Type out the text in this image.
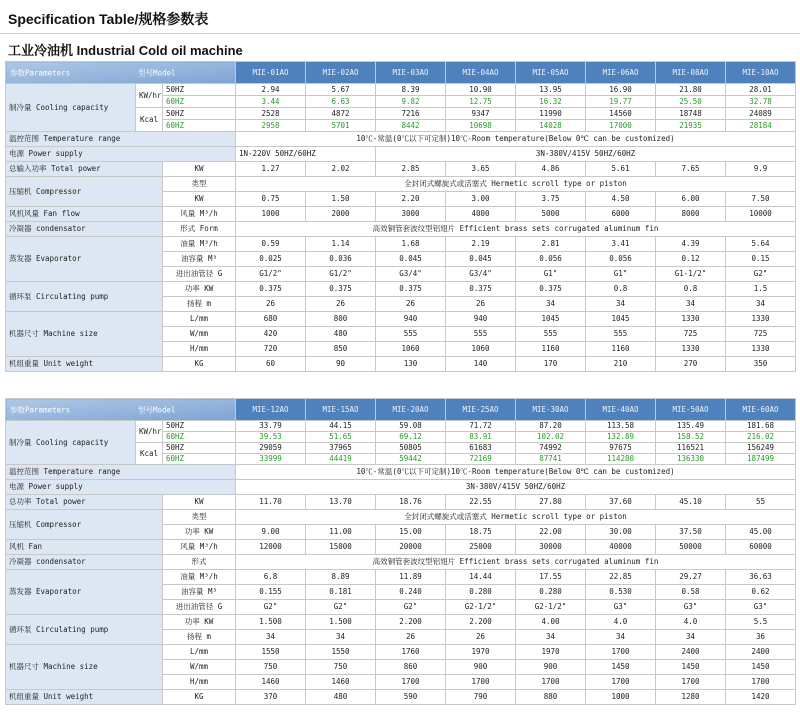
Specification Table/规格参数表
工业冷油机 Industrial Cold oil machine
参数Parameters 型号Model			MIE-01AO	MIE-02AO	MIE-03AO	MIE-04AO	MIE-05AO	MIE-06AO	MIE-08AO	MIE-10AO
制冷量 Cooling capacity	KW/hr	50HZ	2.94	5.67	8.39	10.90	13.95	16.90	21.80	28.01
		60HZ	3.44	6.63	9.82	12.75	16.32	19.77	25.50	32.78
	Kcal	50HZ	2528	4872	7216	9347	11990	14560	18748	24089
		60HZ	2958	5701	8442	10698	14028	17000	21935	28184
温控范围 Temperature range			10℃-常温(0℃以下可定制)10℃-Room temperature(Below 0℃ can be customized)							
电源 Power supply			1N-220V 50HZ/60HZ		3N-380V/415V 50HZ/60HZ					
总输入功率 Total power		KW	1.27	2.02	2.85	3.65	4.86	5.61	7.65	9.9
压缩机 Compressor		类型	全封闭式螺旋式或活塞式 Hermetic scroll type or piston							
		KW	0.75	1.50	2.20	3.00	3.75	4.50	6.00	7.50
风机风量 Fan flow		风量 M³/h	1000	2000	3000	4000	5000	6000	8000	10000
冷凝器 condensator		形式 Form	高效铜管套波纹型铝翅片 Efficient brass sets corrugated aluminum fin							
蒸发器 Evaporator		油量 M³/h	0.59	1.14	1.68	2.19	2.81	3.41	4.39	5.64
		油容量 M³	0.025	0.036	0.045	0.045	0.056	0.056	0.12	0.15
		进出油管径 G	G1/2"	G1/2"	G3/4"	G3/4"	G1"	G1"	G1-1/2"	G2"
循环泵 Circulating pump		功率 KW	0.375	0.375	0.375	0.375	0.375	0.8	0.8	1.5
		扬程 m	26	26	26	26	34	34	34	34
机器尺寸 Machine size		L/mm	680	800	940	940	1045	1045	1330	1330
		W/mm	420	480	555	555	555	555	725	725
		H/mm	720	850	1060	1060	1160	1160	1330	1330
机组重量 Unit weight		KG	60	90	130	140	170	210	270	350
参数Parameters 型号Model			MIE-12AO	MIE-15AO	MIE-20AO	MIE-25AO	MIE-30AO	MIE-40AO	MIE-50AO	MIE-60AO
制冷量 Cooling capacity	KW/hr	50HZ	33.79	44.15	59.08	71.72	87.20	113.58	135.49	181.68
		60HZ	39.53	51.65	69.12	83.91	102.02	132.89	158.52	216.02
	Kcal	50HZ	29059	37965	50805	61683	74992	97675	116521	156249
		60HZ	33999	44419	59442	72169	87741	114280	136330	187499
温控范围 Temperature range			10℃-常温(0℃以下可定制)10℃-Room temperature(Below 0℃ can be customized)							
电源 Power supply			3N-380V/415V 50HZ/60HZ							
总功率 Total power		KW	11.70	13.70	18.76	22.55	27.80	37.60	45.10	55
压缩机 Compressor		类型	全封闭式螺旋式或活塞式 Hermetic scroll type or piston							
		功率 KW	9.00	11.00	15.00	18.75	22.00	30.00	37.50	45.00
风机 Fan		风量 M³/h	12000	15000	20000	25000	30000	40000	50000	60000
冷凝器 condensator		形式	高效铜管套波纹型铝翅片 Efficient brass sets corrugated aluminum fin							
蒸发器 Evaporator		油量 M³/h	6.8	8.89	11.89	14.44	17.55	22.85	29.27	36.63
		油容量 M³	0.155	0.181	0.240	0.280	0.280	0.530	0.58	0.62
		进出油管径 G	G2"	G2"	G2"	G2-1/2"	G2-1/2"	G3"	G3"	G3"
循环泵 Circulating pump		功率 KW	1.500	1.500	2.200	2.200	4.00	4.0	4.0	5.5
		扬程 m	34	34	26	26	34	34	34	36
机器尺寸 Machine size		L/mm	1550	1550	1760	1970	1970	1700	2400	2400
		W/mm	750	750	860	900	900	1450	1450	1450
		H/mm	1460	1460	1700	1700	1700	1700	1700	1700
机组重量 Unit weight		KG	370	480	590	790	880	1000	1280	1420
